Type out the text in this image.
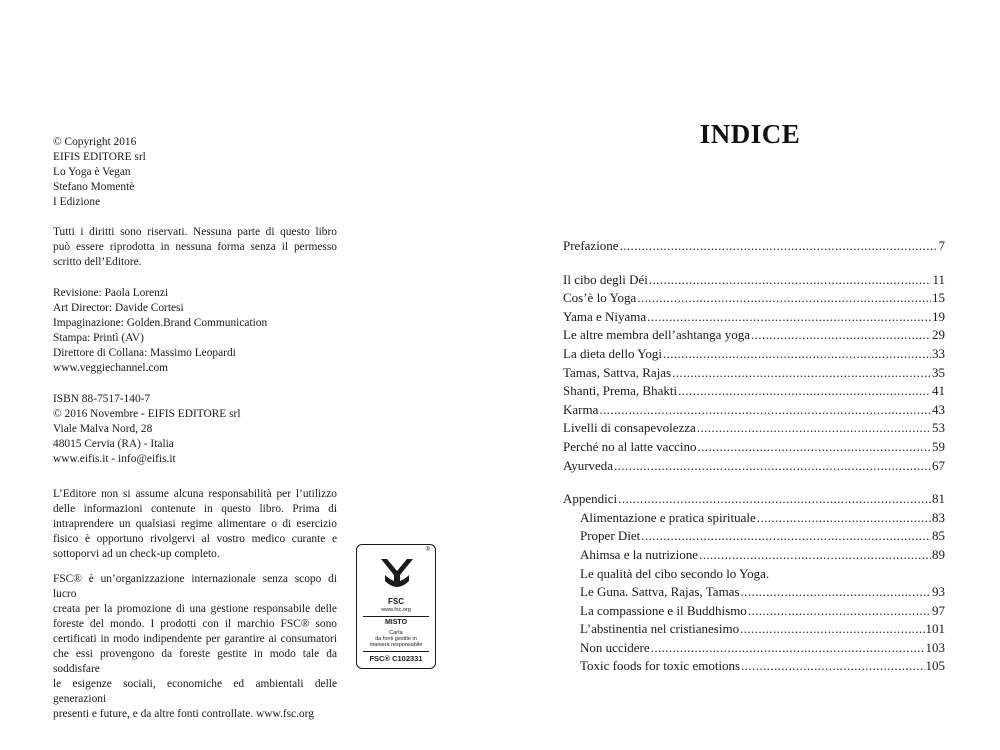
© Copyright 2016
EIFIS EDITORE srl
Lo Yoga è Vegan
Stefano Momentè
I Edizione
Tutti i diritti sono riservati. Nessuna parte di questo libro
può essere riprodotta in nessuna forma senza il permesso
scritto dell’Editore.
Revisione: Paola Lorenzi
Art Director: Davide Cortesi
Impaginazione: Golden.Brand Communication
Stampa: Printì (AV)
Direttore di Collana: Massimo Leopardi
www.veggiechannel.com
ISBN 88-7517-140-7
© 2016 Novembre - EIFIS EDITORE srl
Viale Malva Nord, 28
48015 Cervia (RA) - Italia
www.eifis.it - info@eifis.it
L’Editore non si assume alcuna responsabilità per l’utilizzo
delle informazioni contenute in questo libro. Prima di
intraprendere un qualsiasi regime alimentare o di esercizio
fisico è opportuno rivolgervi al vostro medico curante e
sottoporvi ad un check-up completo.
FSC® è un’organizzazione internazionale senza scopo di lucro
creata per la promozione di una gestione responsabile delle
foreste del mondo. I prodotti con il marchio FSC® sono
certificati in modo indipendente per garantire ai consumatori
che essi provengono da foreste gestite in modo tale da soddisfare
le esigenze sociali, economiche ed ambientali delle generazioni
presenti e future, e da altre fonti controllate. www.fsc.org
®
FSC
www.fsc.org
MISTO
Carta
da fonti gestite in
maniera responsabile
FSC® C102331
INDICE
Prefazione .....	7
Il cibo degli Déi .....	11
Cos’è lo Yoga .....	15
Yama e Niyama .....	19
Le altre membra dell’ashtanga yoga .....	29
La dieta dello Yogi .....	33
Tamas, Sattva, Rajas .....	35
Shanti, Prema, Bhakti .....	41
Karma .....	43
Livelli di consapevolezza .....	53
Perché no al latte vaccino .....	59
Ayurveda .....	67
Appendici .....	81
Alimentazione e pratica spirituale .....	83
Proper Diet .....	85
Ahimsa e la nutrizione .....	89
Le qualità del cibo secondo lo Yoga.
Le Guna. Sattva, Rajas, Tamas .....	93
La compassione e il Buddhismo .....	97
L’abstinentia nel cristianesimo .....	101
Non uccidere .....	103
Toxic foods for toxic emotions .....	105
